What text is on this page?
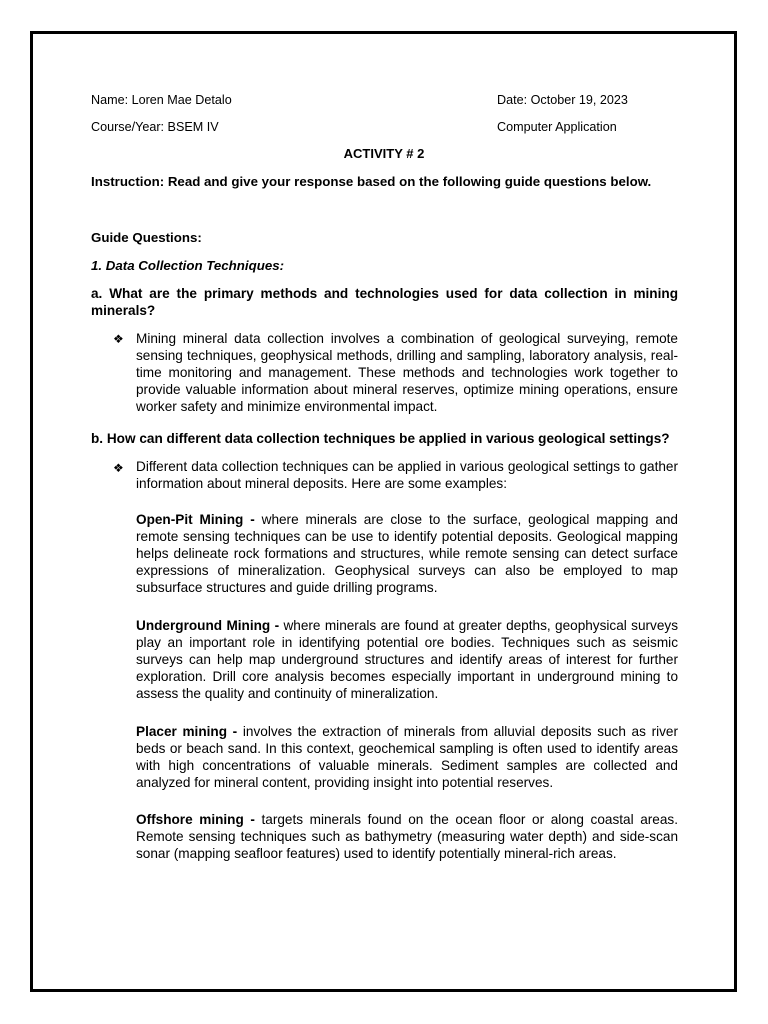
Name: Loren Mae Detalo	Date: October 19, 2023
Course/Year: BSEM IV	Computer Application
ACTIVITY # 2
Instruction: Read and give your response based on the following guide questions below.
Guide Questions:
1. Data Collection Techniques:
a. What are the primary methods and technologies used for data collection in mining minerals?
❖ Mining mineral data collection involves a combination of geological surveying, remote sensing techniques, geophysical methods, drilling and sampling, laboratory analysis, real-time monitoring and management. These methods and technologies work together to provide valuable information about mineral reserves, optimize mining operations, ensure worker safety and minimize environmental impact.
b. How can different data collection techniques be applied in various geological settings?
❖ Different data collection techniques can be applied in various geological settings to gather information about mineral deposits. Here are some examples:
Open-Pit Mining - where minerals are close to the surface, geological mapping and remote sensing techniques can be use to identify potential deposits. Geological mapping helps delineate rock formations and structures, while remote sensing can detect surface expressions of mineralization. Geophysical surveys can also be employed to map subsurface structures and guide drilling programs.
Underground Mining - where minerals are found at greater depths, geophysical surveys play an important role in identifying potential ore bodies. Techniques such as seismic surveys can help map underground structures and identify areas of interest for further exploration. Drill core analysis becomes especially important in underground mining to assess the quality and continuity of mineralization.
Placer mining - involves the extraction of minerals from alluvial deposits such as river beds or beach sand. In this context, geochemical sampling is often used to identify areas with high concentrations of valuable minerals. Sediment samples are collected and analyzed for mineral content, providing insight into potential reserves.
Offshore mining - targets minerals found on the ocean floor or along coastal areas. Remote sensing techniques such as bathymetry (measuring water depth) and side-scan sonar (mapping seafloor features) used to identify potentially mineral-rich areas.
